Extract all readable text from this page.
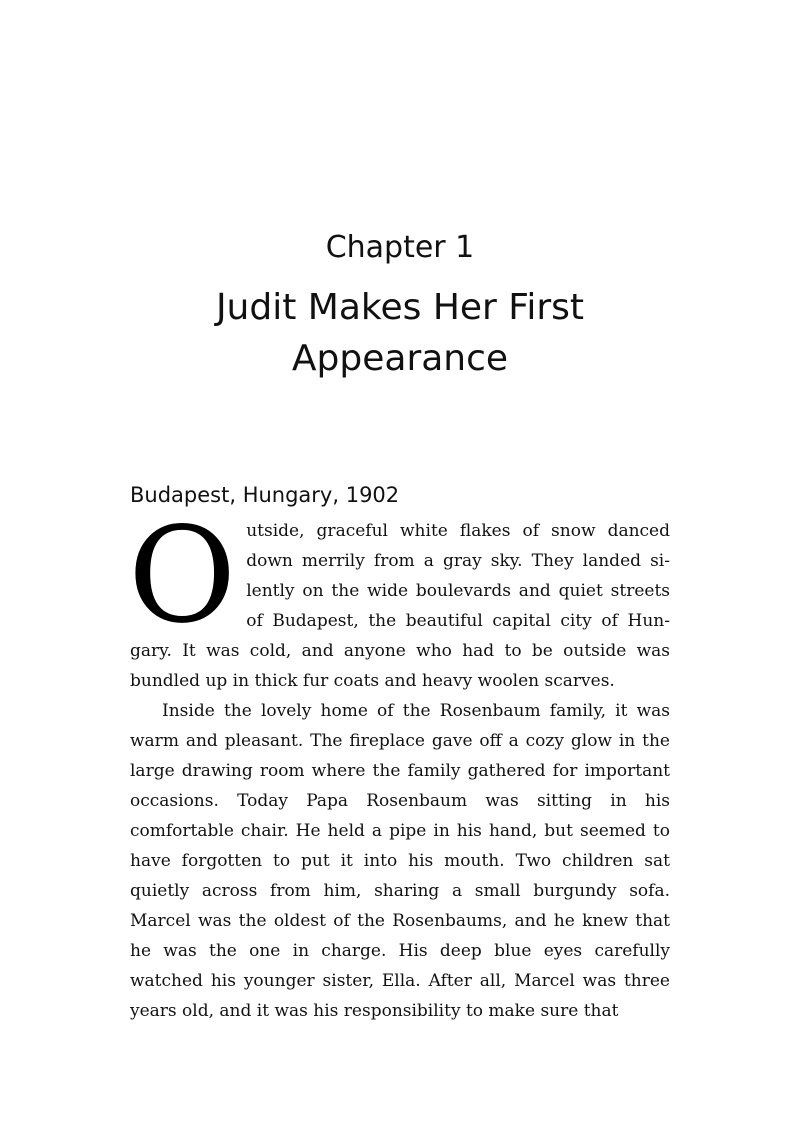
Chapter 1
Judit Makes Her First
Appearance
Budapest, Hungary, 1902

Outside, graceful white flakes of snow danced down merrily from a gray sky. They landed silently on the wide boulevards and quiet streets of Budapest, the beautiful capital city of Hungary. It was cold, and anyone who had to be outside was bundled up in thick fur coats and heavy woolen scarves.

Inside the lovely home of the Rosenbaum family, it was warm and pleasant. The fireplace gave off a cozy glow in the large drawing room where the family gathered for important occasions. Today Papa Rosenbaum was sitting in his comfortable chair. He held a pipe in his hand, but seemed to have forgotten to put it into his mouth. Two children sat quietly across from him, sharing a small burgundy sofa. Marcel was the oldest of the Rosenbaums, and he knew that he was the one in charge. His deep blue eyes carefully watched his younger sister, Ella. After all, Marcel was three years old, and it was his responsibility to make sure that
